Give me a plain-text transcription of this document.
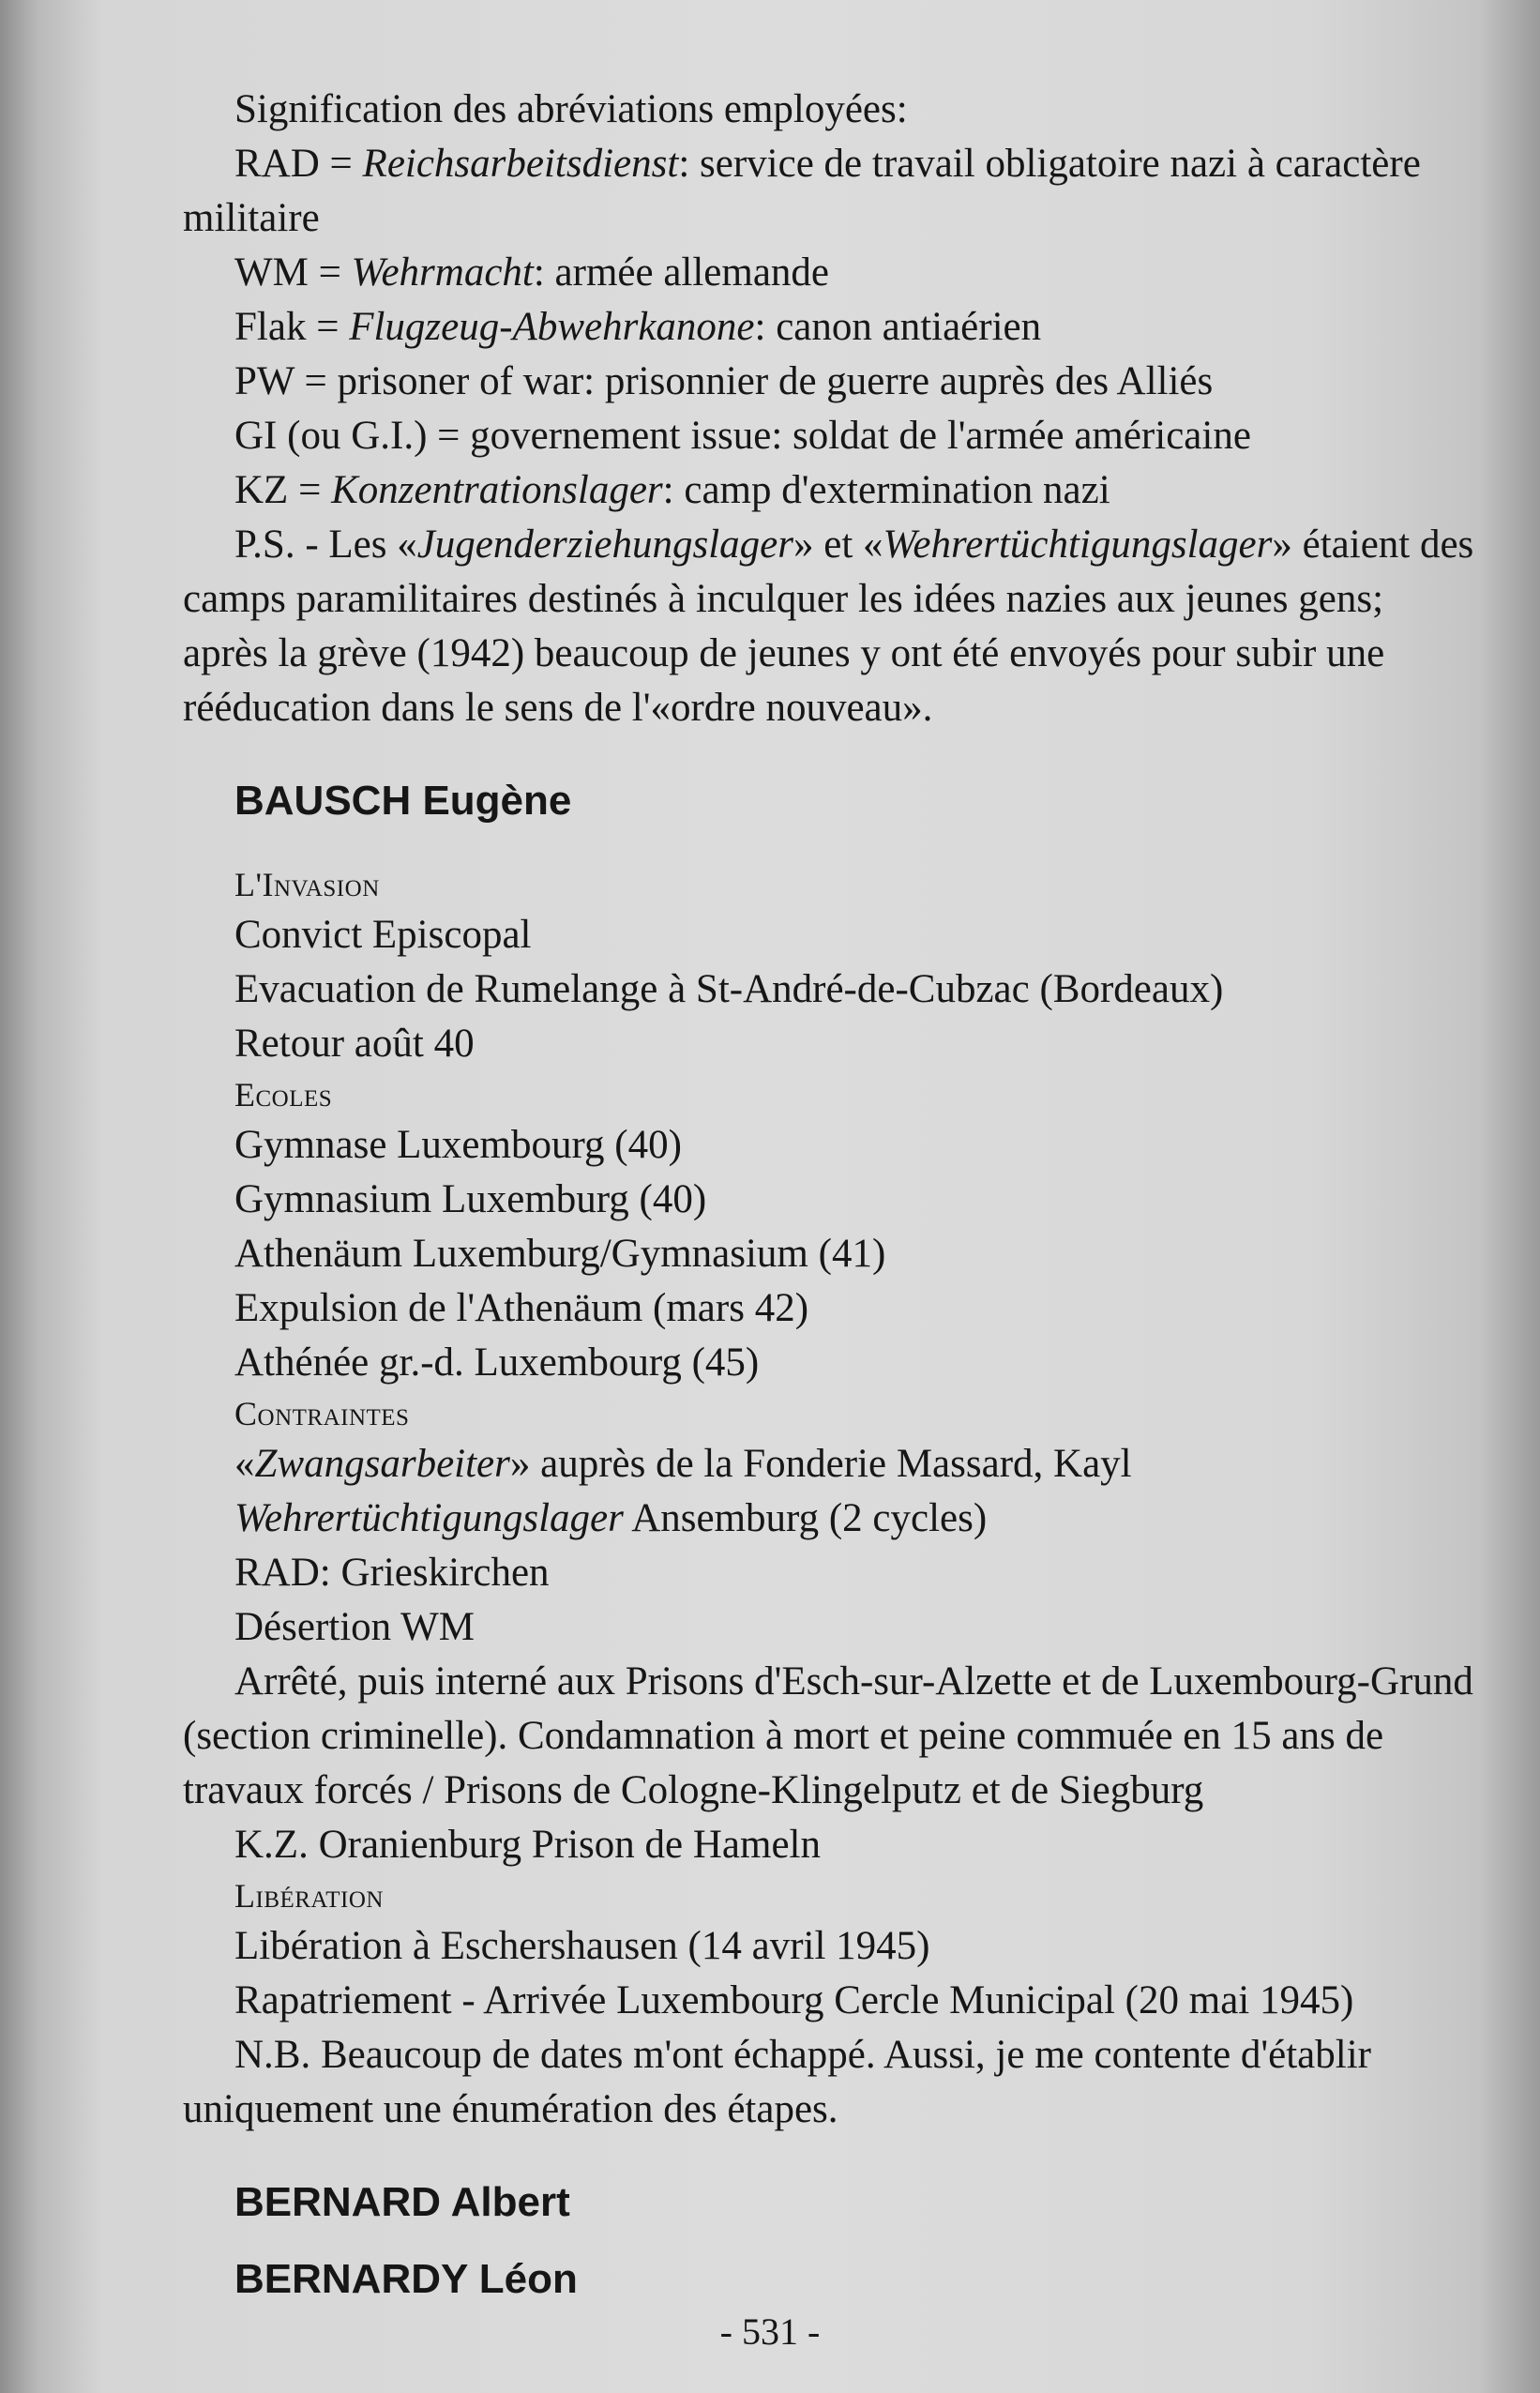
Signification des abréviations employées:

RAD = Reichsarbeitsdienst: service de travail obligatoire nazi à caractère

militaire

WM = Wehrmacht: armée allemande

Flak = Flugzeug-Abwehrkanone: canon antiaérien

PW = prisoner of war: prisonnier de guerre auprès des Alliés

GI (ou G.I.) = governement issue: soldat de l'armée américaine

KZ = Konzentrationslager: camp d'extermination nazi

P.S. - Les «Jugenderziehungslager» et «Wehrertüchtigungslager» étaient des camps paramilitaires destinés à inculquer les idées nazies aux jeunes gens; après la grève (1942) beaucoup de jeunes y ont été envoyés pour subir une rééducation dans le sens de l'«ordre nouveau».

BAUSCH Eugène

L'Invasion

Convict Episcopal

Evacuation de Rumelange à St-André-de-Cubzac (Bordeaux)

Retour août 40

Ecoles

Gymnase Luxembourg (40)

Gymnasium Luxemburg (40)

Athenäum Luxemburg/Gymnasium (41)

Expulsion de l'Athenäum (mars 42)

Athénée gr.-d. Luxembourg (45)

Contraintes

«Zwangsarbeiter» auprès de la Fonderie Massard, Kayl

Wehrertüchtigungslager Ansemburg (2 cycles)

RAD: Grieskirchen

Désertion WM

Arrêté, puis interné aux Prisons d'Esch-sur-Alzette et de Luxembourg-Grund (section criminelle). Condamnation à mort et peine commuée en 15 ans de travaux forcés / Prisons de Cologne-Klingelputz et de Siegburg

K.Z. Oranienburg Prison de Hameln

Libération

Libération à Eschershausen (14 avril 1945)

Rapatriement - Arrivée Luxembourg Cercle Municipal (20 mai 1945)

N.B. Beaucoup de dates m'ont échappé. Aussi, je me contente d'établir uniquement une énumération des étapes.

BERNARD Albert

BERNARDY Léon

- 531 -
